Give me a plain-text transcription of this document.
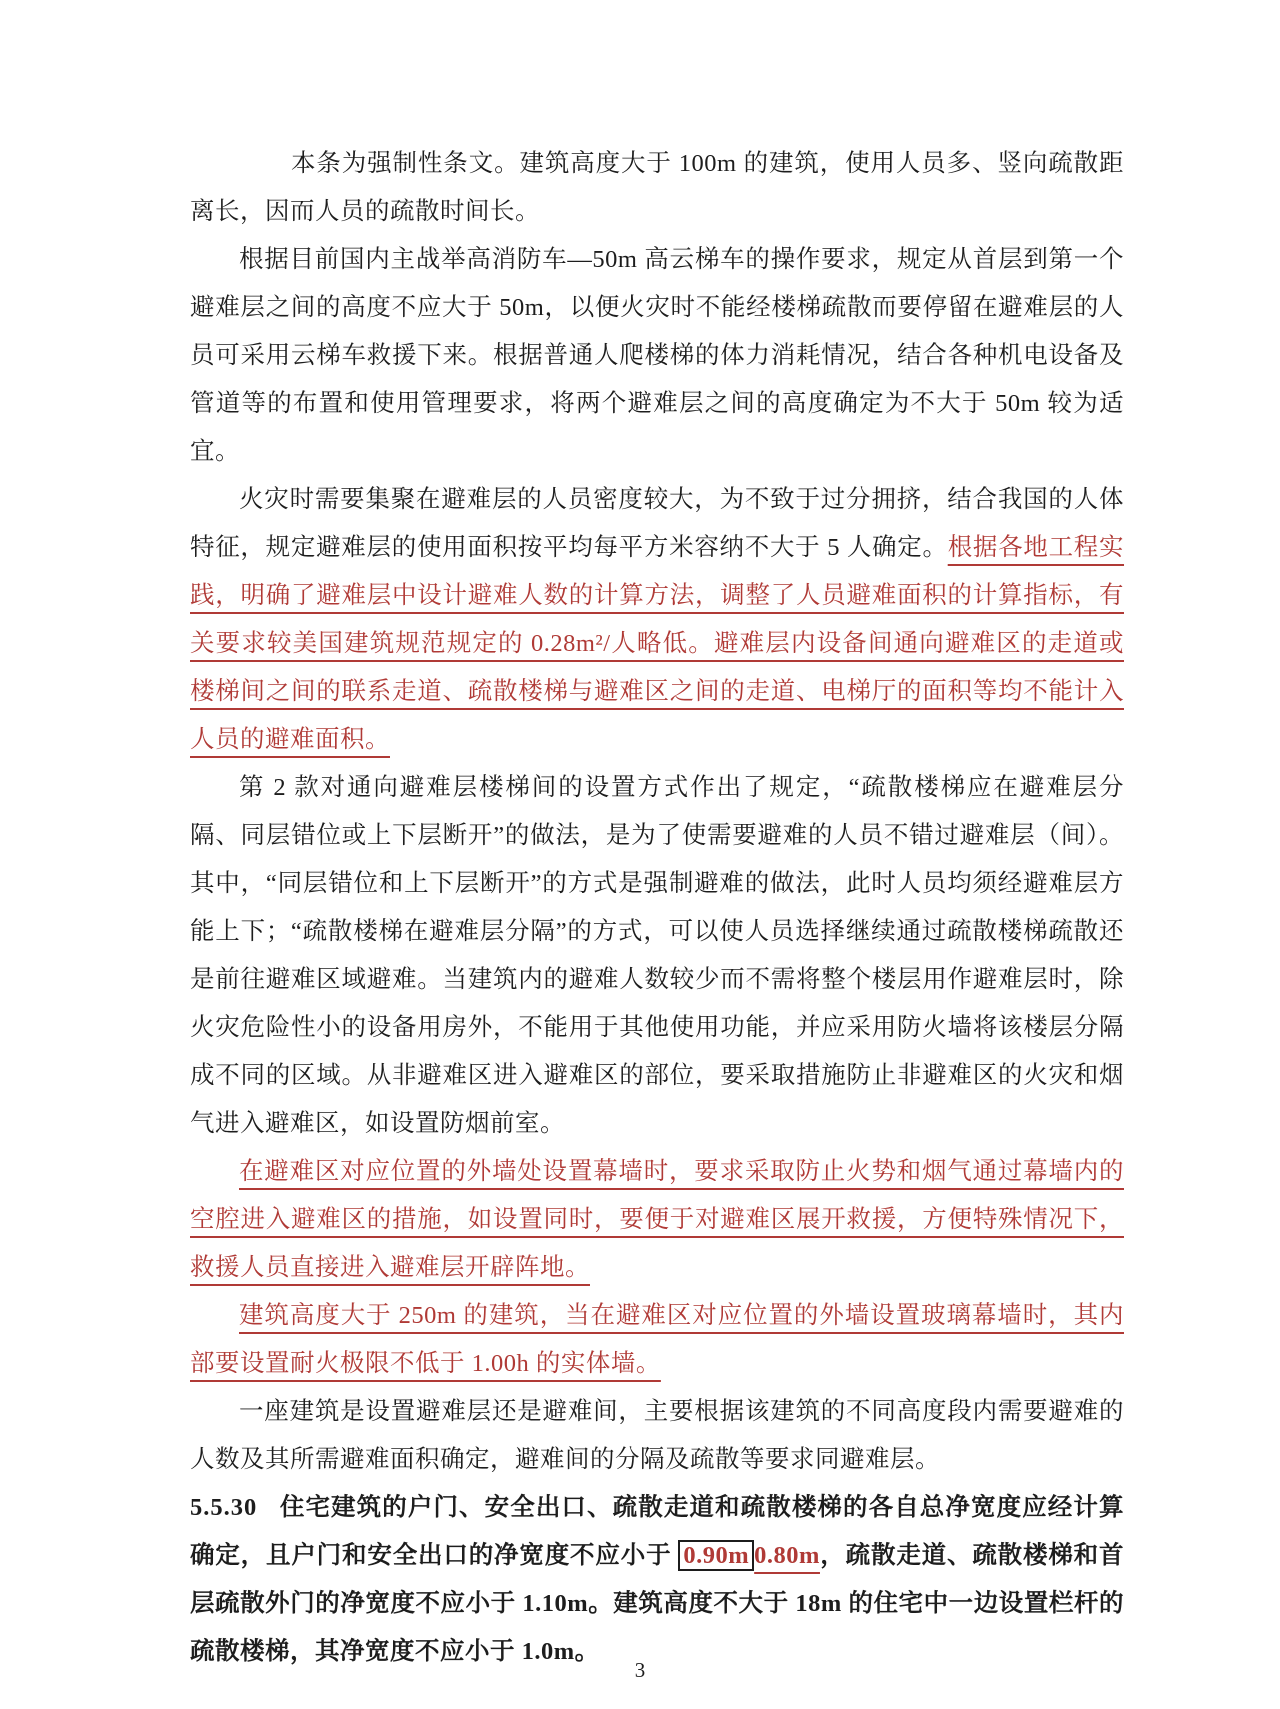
本条为强制性条文。建筑高度大于 100m 的建筑，使用人员多、竖向疏散距离长，因而人员的疏散时间长。

根据目前国内主战举高消防车—50m 高云梯车的操作要求，规定从首层到第一个避难层之间的高度不应大于 50m，以便火灾时不能经楼梯疏散而要停留在避难层的人员可采用云梯车救援下来。根据普通人爬楼梯的体力消耗情况，结合各种机电设备及管道等的布置和使用管理要求，将两个避难层之间的高度确定为不大于 50m 较为适宜。

火灾时需要集聚在避难层的人员密度较大，为不致于过分拥挤，结合我国的人体特征，规定避难层的使用面积按平均每平方米容纳不大于 5 人确定。根据各地工程实践，明确了避难层中设计避难人数的计算方法，调整了人员避难面积的计算指标，有关要求较美国建筑规范规定的 0.28m²/人略低。避难层内设备间通向避难区的走道或楼梯间之间的联系走道、疏散楼梯与避难区之间的走道、电梯厅的面积等均不能计入人员的避难面积。

第 2 款对通向避难层楼梯间的设置方式作出了规定，“疏散楼梯应在避难层分隔、同层错位或上下层断开”的做法，是为了使需要避难的人员不错过避难层（间）。其中，“同层错位和上下层断开”的方式是强制避难的做法，此时人员均须经避难层方能上下；“疏散楼梯在避难层分隔”的方式，可以使人员选择继续通过疏散楼梯疏散还是前往避难区域避难。当建筑内的避难人数较少而不需将整个楼层用作避难层时，除火灾危险性小的设备用房外，不能用于其他使用功能，并应采用防火墙将该楼层分隔成不同的区域。从非避难区进入避难区的部位，要采取措施防止非避难区的火灾和烟气进入避难区，如设置防烟前室。

在避难区对应位置的外墙处设置幕墙时，要求采取防止火势和烟气通过幕墙内的空腔进入避难区的措施，如设置同时，要便于对避难区展开救援，方便特殊情况下，救援人员直接进入避难层开辟阵地。

建筑高度大于 250m 的建筑，当在避难区对应位置的外墙设置玻璃幕墙时，其内部要设置耐火极限不低于 1.00h 的实体墙。

一座建筑是设置避难层还是避难间，主要根据该建筑的不同高度段内需要避难的人数及其所需避难面积确定，避难间的分隔及疏散等要求同避难层。

5.5.30 住宅建筑的户门、安全出口、疏散走道和疏散楼梯的各自总净宽度应经计算确定，且户门和安全出口的净宽度不应小于 0.90m 0.80m，疏散走道、疏散楼梯和首层疏散外门的净宽度不应小于 1.10m。建筑高度不大于 18m 的住宅中一边设置栏杆的疏散楼梯，其净宽度不应小于 1.0m。

3
